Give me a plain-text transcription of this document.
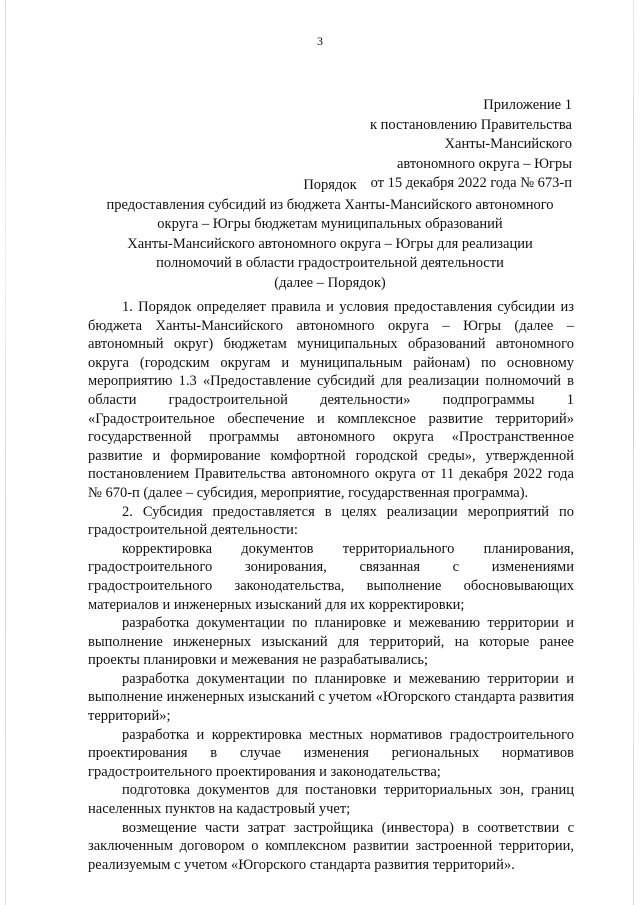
3
Приложение 1
к постановлению Правительства
Ханты-Мансийского
автономного округа – Югры
от 15 декабря 2022 года № 673-п
Порядок
предоставления субсидий из бюджета Ханты-Мансийского автономного
округа – Югры бюджетам муниципальных образований
Ханты-Мансийского автономного округа – Югры для реализации
полномочий в области градостроительной деятельности
(далее – Порядок)

1. Порядок определяет правила и условия предоставления субсидии из бюджета Ханты-Мансийского автономного округа – Югры (далее – автономный округ) бюджетам муниципальных образований автономного округа (городским округам и муниципальным районам) по основному мероприятию 1.3 «Предоставление субсидий для реализации полномочий в области градостроительной деятельности» подпрограммы 1 «Градостроительное обеспечение и комплексное развитие территорий» государственной программы автономного округа «Пространственное развитие и формирование комфортной городской среды», утвержденной постановлением Правительства автономного округа от 11 декабря 2022 года № 670-п (далее – субсидия, мероприятие, государственная программа).

2. Субсидия предоставляется в целях реализации мероприятий по градостроительной деятельности:

корректировка документов территориального планирования, градостроительного зонирования, связанная с изменениями градостроительного законодательства, выполнение обосновывающих материалов и инженерных изысканий для их корректировки;

разработка документации по планировке и межеванию территории и выполнение инженерных изысканий для территорий, на которые ранее проекты планировки и межевания не разрабатывались;

разработка документации по планировке и межеванию территории и выполнение инженерных изысканий с учетом «Югорского стандарта развития территорий»;

разработка и корректировка местных нормативов градостроительного проектирования в случае изменения региональных нормативов градостроительного проектирования и законодательства;

подготовка документов для постановки территориальных зон, границ населенных пунктов на кадастровый учет;

возмещение части затрат застройщика (инвестора) в соответствии с заключенным договором о комплексном развитии застроенной территории, реализуемым с учетом «Югорского стандарта развития территорий».
